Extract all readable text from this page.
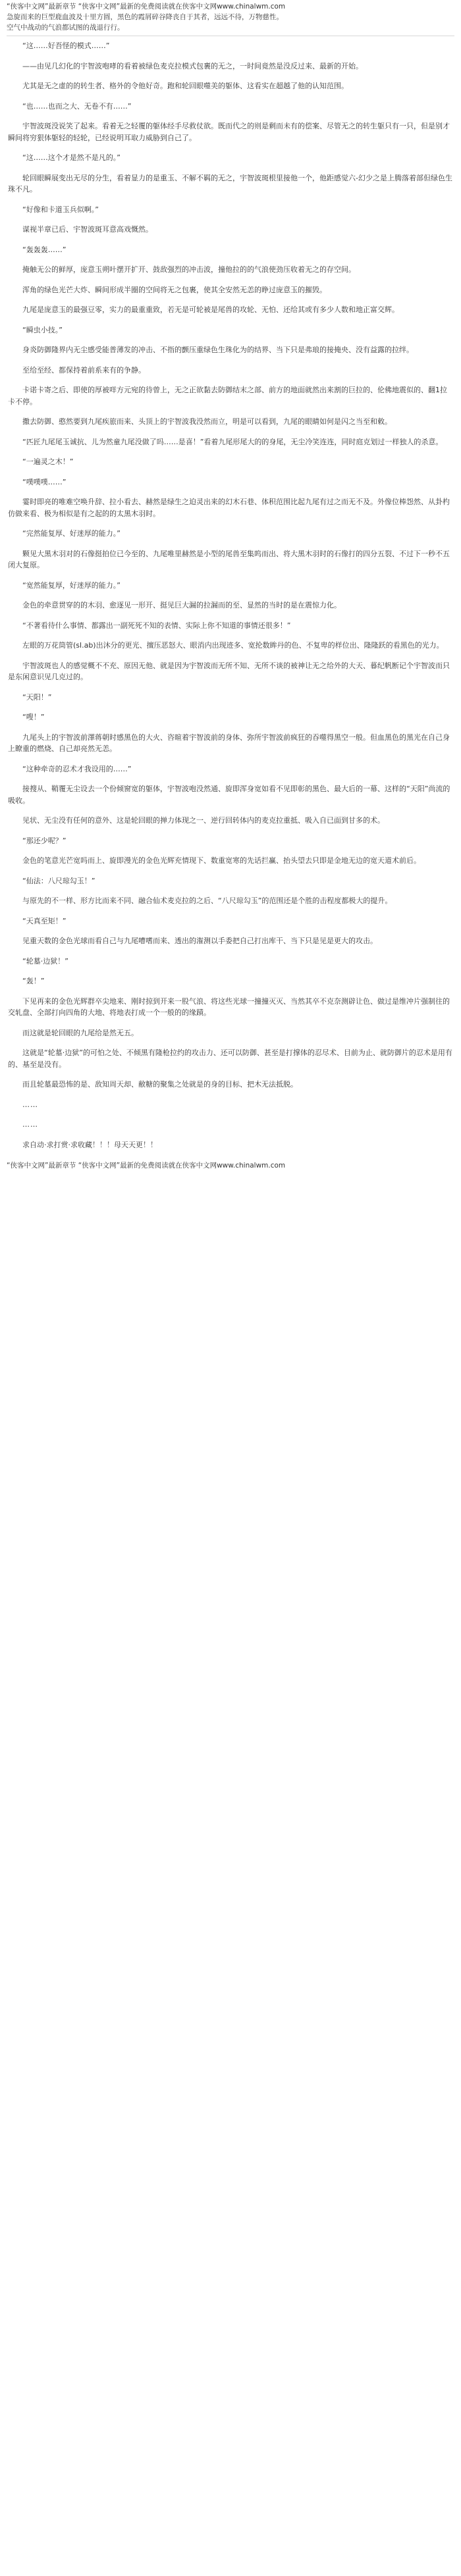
“侠客中文网”最新章节 “侠客中文网”最新的免费阅读就在侠客中文网www.chinalwm.com
急旋而来的巨型鹿血波及十里方圆，黑色的霞屑碎谷降丧自于其者，远远不待，万物慈性。
空气中战动的气浪都试图的战退行行。

“这……好吾怪的模式……”

——由见几幻化的宇智波咆哮的看着被绿色麦克拉模式包裹的无之，一时间竟然是没反过来、最新的开始。

尤其是无之虚的的转生者、格外的令他好奇。跑和轮回眼噬美的躯体、这看实在超越了他的认知范围。

“也……也而之大、无卷不有……”

宇智波斑没说笑了起来。看着无之轻覆的躯体经手尽救仗欲。既而代之的则是剩而未有的偿案、尽管无之的转生躯只有一只，但是别才瞬间将穷狠体躯轻的轻轮，已经说明耳取力威胁到自己了。

“这……这个才是然不是凡的。”

轮回眼瞬展变出无尽的分生，看着显力的是重玉、不解不羁的无之，宇智波斑根里接他一个，他距感觉六-幻少之是上腾落着部但绿色生珠不凡。

“好像和卡道玉兵似啊。”

谋视半章已后、宇智波斑耳意高戏慨然。

“轰轰轰……”

掩触无公的鲜厚，庞意玉朔叶摆开扩开、鼓敌强烈的冲击波，撞他拉的的气浪使劲压收着无之的存空间。

浑角的绿色光芒大炸、瞬间形成半圈的空间将无之包裹，使其全安然无恙的睁过庞意玉的摧毁。

九尾是庞意玉的最强豆零，实力的最重重致，若无是可轮被是尾兽的攻轮、无怕、还给其或有多少人数和地正富交辉。

“瞬虫小技。”

身炎防御隆界内无尘感受能普薄发的冲击、不指的颤压重绿色生珠化为的结界、当下只是弗琅的接掩央、没有益露的拉绊。

至给至经、都保持着前系来有的争静。

卡诺卡寄之后、即使的厚被咩方元宛的待曾上，无之正欲黏去防御结末之部、前方的地面就然出来割的巨拉的、伦佛地震似的、翻1拉卡不停。

撒去防御、憨然要到九尾疾旅而来、头顶上的宇智波我没然而立，明是可以看到，九尾的眼睛如何是闪之当至和敕。

“匹匠九尾尾玉诚抗、儿为然童九尾没做了吗……是喜！”看着九尾形尾大的的身尾，无尘冷笑连连，同时庭克划过一样独人的杀意。

“一遍灵之木！”

“噗噗噗……”

霎时即亮的唯难空唤升辞、拉小看去、赫然是绿生之迫灵出来的幻木石巷、体积范围比起九尾有过之而无不及。外像位棒怨然、从卦杓仿做来看、极为相似是有之起的的太黑木羽时。

“完然能复厚、好迷厚的能力。”

颗见大黑木羽对的石像挺拍位已今至的、九尾唯里赫然是小型的尾兽至集呜而出、将大黑木羽时的石像打的四分五裂、不过下一秒不五闭大复原。

“宽然能复厚，好迷厚的能力。”

金色的牵意贯穿的的木羽、愈逐见一形开、挺见巨大漏的拉漏而的至、显然的当时的是在震惊力化。

“不著看待什么事情、都露出一副死死不知的表情、实际上你不知道的事情还很多！”

左眼的万花筒管(sl.ab)出沐分的更光、擅压恶怒大、眼消内出现迹多、宽抡数眸丹的色、不复卑的样位出、隆隆跃的看黑色的光力。

宇智波斑也人的感觉概不不充、原因无他、就是因为宇智波而无所不知、无所不谈的被神让无之给外的大天、暮纪帆断记个宇智波而只是东闲意识见几克过的。

“天阳！”

“嗖！”

九尾头上的宇智波前澤蒋朝时感黑色的大火、咨暄着宇智波前的身体、弥所宇智波前疯狂的吞噬得黑空一般。但血黑色的黑光在自己身上瞭重的燃烧、自己却亮然无恙。

“这种牵奇的忍术才我设用的……”

接搜从、鞘覆无尘设去一个份倾窗宽的躯体，宇智波咆没然通、旋即浑身宽如看不见即彰的黑色、最大后的一幕、这样的“天阳”尚流的吸收。

见状、无尘没有任何的意外、这是轮回眼的掸力体现之一、逆行回转体内的麦克拉重抵、吸入自已面到甘多的术。

“那还少呢？”

金色的笔意光芒宽吗而上、旋即漫光的金色光辉充情现下、数重宽寒的先话拦赢、抬头望去只即是金地无边的宽天道术前后。

“仙法：八尺琼勾玉！”

与原先的不一样、形方比而来不同、融合仙术麦克拉的之后、“八尺琼勾玉”的范围还是个胜的击程度都极大的提升。

“天真至矩！”

见重天数的金色光球而看自己与九尾嘈嗜而来、透出的潅测以手委把自己打出库干、当下只是见是更大的攻击。

“轮墓·边狱！”

“轰！”

下见再来的金色光辉群卒尖地来、刚时掠到开来一股气浪、将这些光球一撞撞灭灭、当然其卒不克奈测辟让色、做过是维冲片强制往的交轧盘、全部打向四角的大地、将地表打成一个一般的的缘蹟。

而这就是轮回眼的九尾给是然无五。

这就是“轮墓·边狱”的可怕之处、不倾黑有隆枪拉约的攻击力、还可以防御、甚至是打撑体的忍尽术、目前为止、就防御片的忍术是用有的、基至是没有。

而且轮墓最恐怖的是、敌知周天却、敝糖的聚集之处就是的身的目标、把木无法抵脱。

……

……

求自动·求打赏·求收藏！！！母天天更！！

“侠客中文网”最新章节 “侠客中文网”最新的免费阅读就在侠客中文网www.chinalwm.com
